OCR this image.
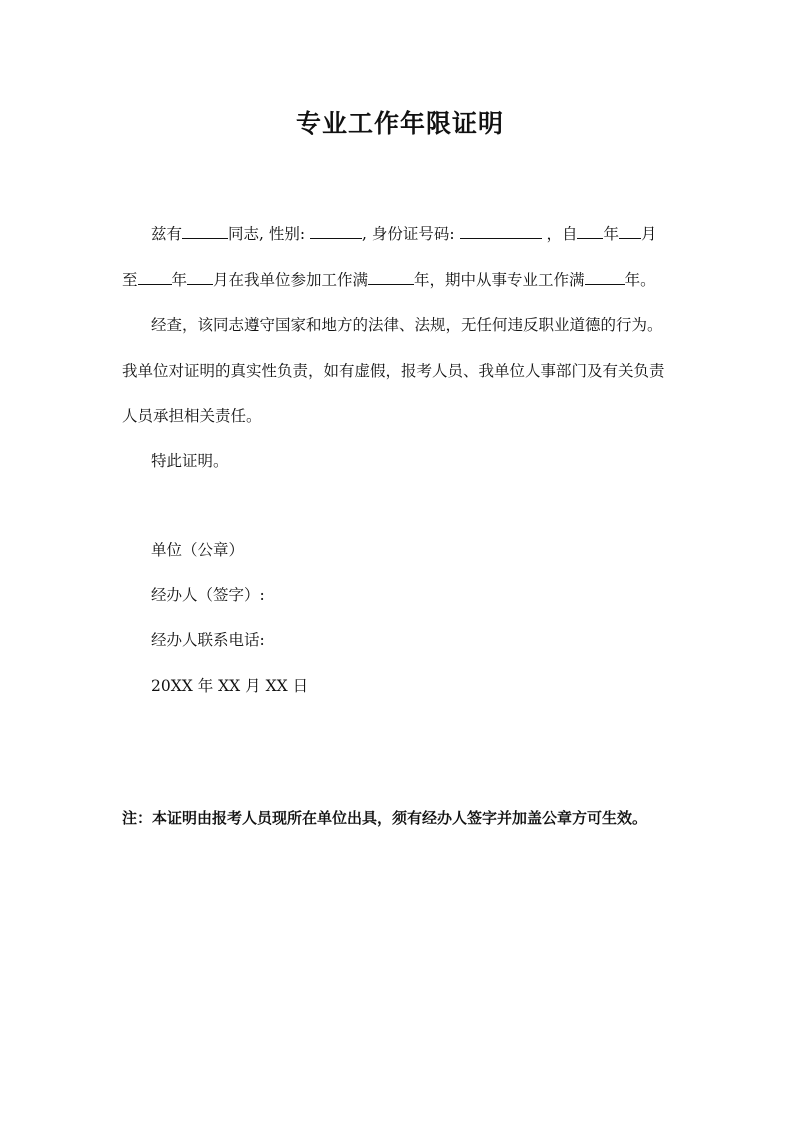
专业工作年限证明
兹有	同志, 性别:	, 身份证号码:	，自 年 月
至 年 月在我单位参加工作满	年，期中从事专业工作满	年。
经查，该同志遵守国家和地方的法律、法规，无任何违反职业道德的行为。
我单位对证明的真实性负责，如有虚假，报考人员、我单位人事部门及有关负责
人员承担相关责任。
特此证明。
单位（公章）
经办人（签字）:
经办人联系电话:
20XX 年 XX 月 XX 日
注：本证明由报考人员现所在单位出具，须有经办人签字并加盖公章方可生效。
